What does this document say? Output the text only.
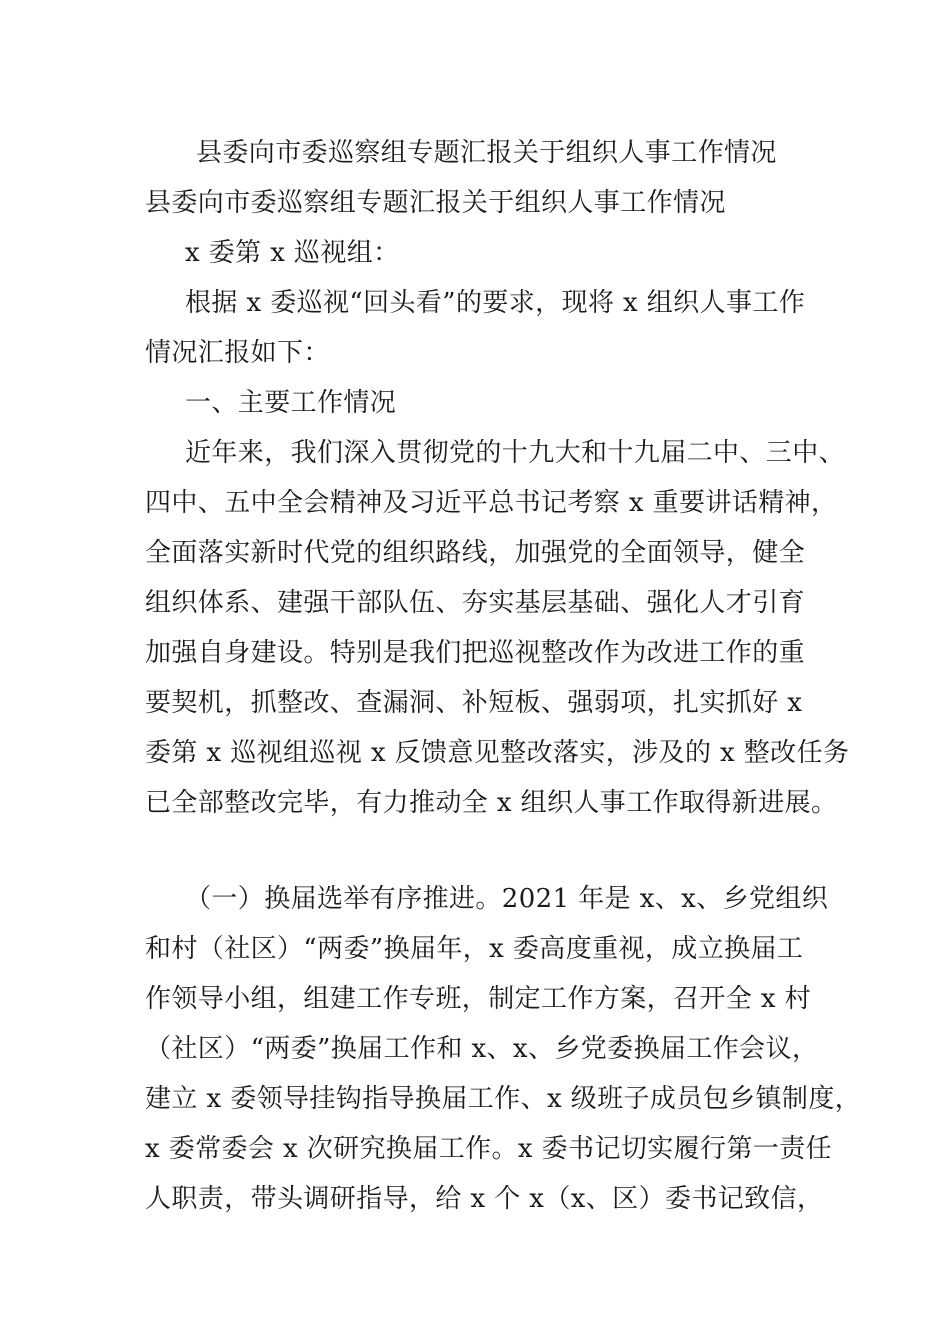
县委向市委巡察组专题汇报关于组织人事工作情况
县委向市委巡察组专题汇报关于组织人事工作情况
x 委第 x 巡视组：
根据 x 委巡视“回头看”的要求，现将 x 组织人事工作
情况汇报如下：
一、主要工作情况
近年来，我们深入贯彻党的十九大和十九届二中、三中、
四中、五中全会精神及习近平总书记考察 x 重要讲话精神，
全面落实新时代党的组织路线，加强党的全面领导，健全
组织体系、建强干部队伍、夯实基层基础、强化人才引育
加强自身建设。特别是我们把巡视整改作为改进工作的重
要契机，抓整改、查漏洞、补短板、强弱项，扎实抓好 x
委第 x 巡视组巡视 x 反馈意见整改落实，涉及的 x 整改任务
已全部整改完毕，有力推动全 x 组织人事工作取得新进展。
（一）换届选举有序推进。2021 年是 x、x、乡党组织
和村（社区）“两委”换届年，x 委高度重视，成立换届工
作领导小组，组建工作专班，制定工作方案，召开全 x 村
（社区）“两委”换届工作和 x、x、乡党委换届工作会议，
建立 x 委领导挂钩指导换届工作、x 级班子成员包乡镇制度，
x 委常委会 x 次研究换届工作。x 委书记切实履行第一责任
人职责，带头调研指导，给 x 个 x（x、区）委书记致信，
